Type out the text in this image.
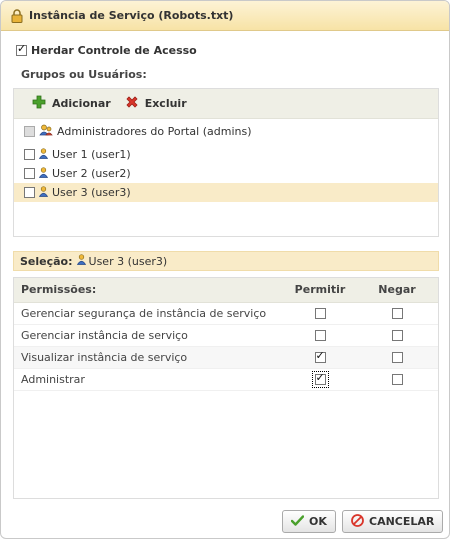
Instância de Serviço (Robots.txt)
✓
Herdar Controle de Acesso
Grupos ou Usuários:
Adicionar	Excluir
Administradores do Portal (admins)
User 1 (user1)
User 2 (user2)
User 3 (user3)
Seleção: User 3 (user3)
Permissões:	Permitir	Negar
Gerenciar segurança de instância de serviço		
Gerenciar instância de serviço		
Visualizar instância de serviço	✓	
Administrar	✓	
OK	CANCELAR
